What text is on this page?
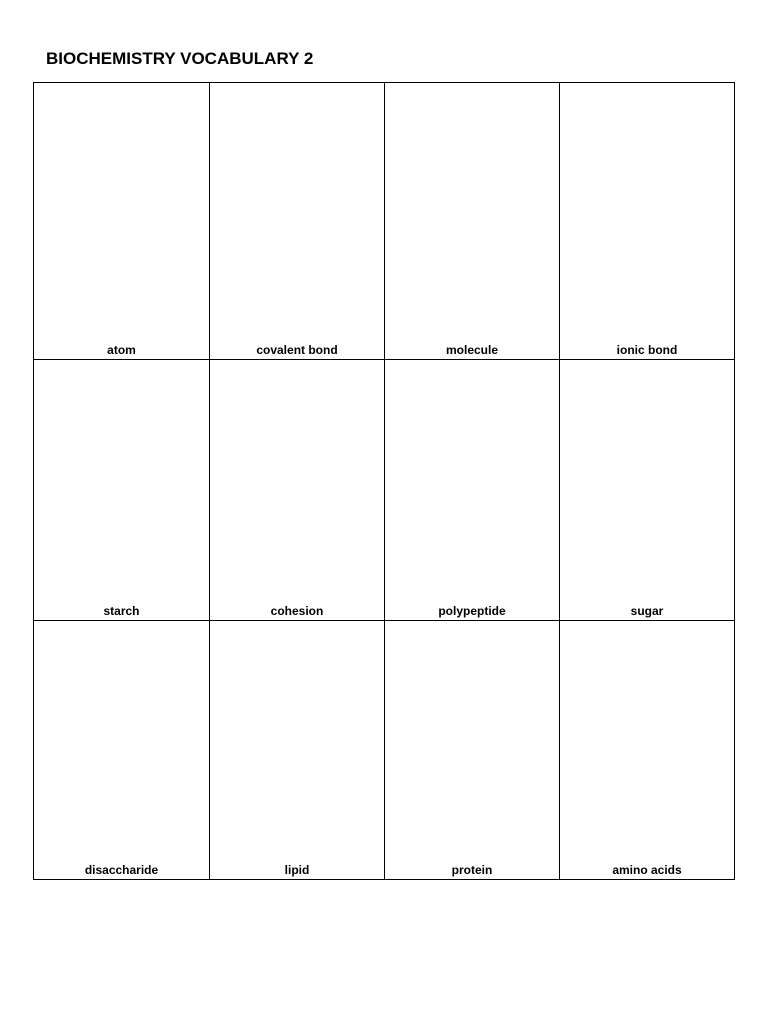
BIOCHEMISTRY VOCABULARY 2
atom	covalent bond	molecule	ionic bond
starch	cohesion	polypeptide	sugar
disaccharide	lipid	protein	amino acids
